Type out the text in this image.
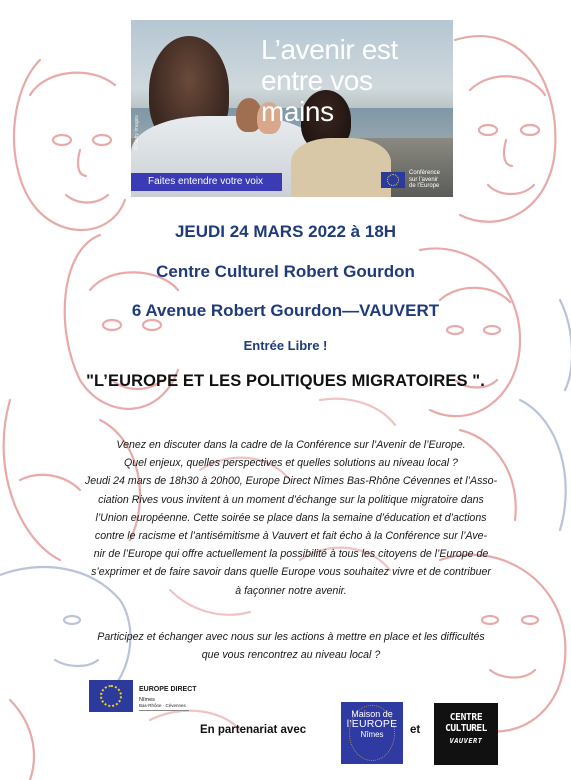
L’avenir est entre vos mains
Faites entendre votre voix
Conférence sur l’avenir de l’Europe
© Getty Images
JEUDI 24 MARS 2022 à 18H
Centre Culturel Robert Gourdon
6 Avenue Robert Gourdon—VAUVERT
Entrée Libre !
"L’EUROPE ET LES POLITIQUES MIGRATOIRES ".

Venez en discuter dans la cadre de la Conférence sur l’Avenir de l’Europe.

Quel enjeux, quelles perspectives et quelles solutions au niveau local ?

Jeudi 24 mars de 18h30 à 20h00, Europe Direct Nîmes Bas-Rhône Cévennes et l’Asso-

ciation Rives vous invitent à un moment d’échange sur la politique migratoire dans

l’Union européenne. Cette soirée se place dans la semaine d’éducation et d’actions

contre le racisme et l’antisémitisme à Vauvert et fait écho à la Conférence sur l’Ave-

nir de l’Europe qui offre actuellement la possibilité à tous les citoyens de l’Europe de

s’exprimer et de faire savoir dans quelle Europe vous souhaitez vivre et de contribuer

à façonner notre avenir.

Participez et échanger avec nous sur les actions à mettre en place et les difficultés

que vous rencontrez au niveau local ?

EUROPE DIRECT
Nîmes
Bas-Rhône · Cévennes
En partenariat avec
Maison de
l’EUROPE
Nîmes	et
CENTRE
CULTUREL
VAUVERT
